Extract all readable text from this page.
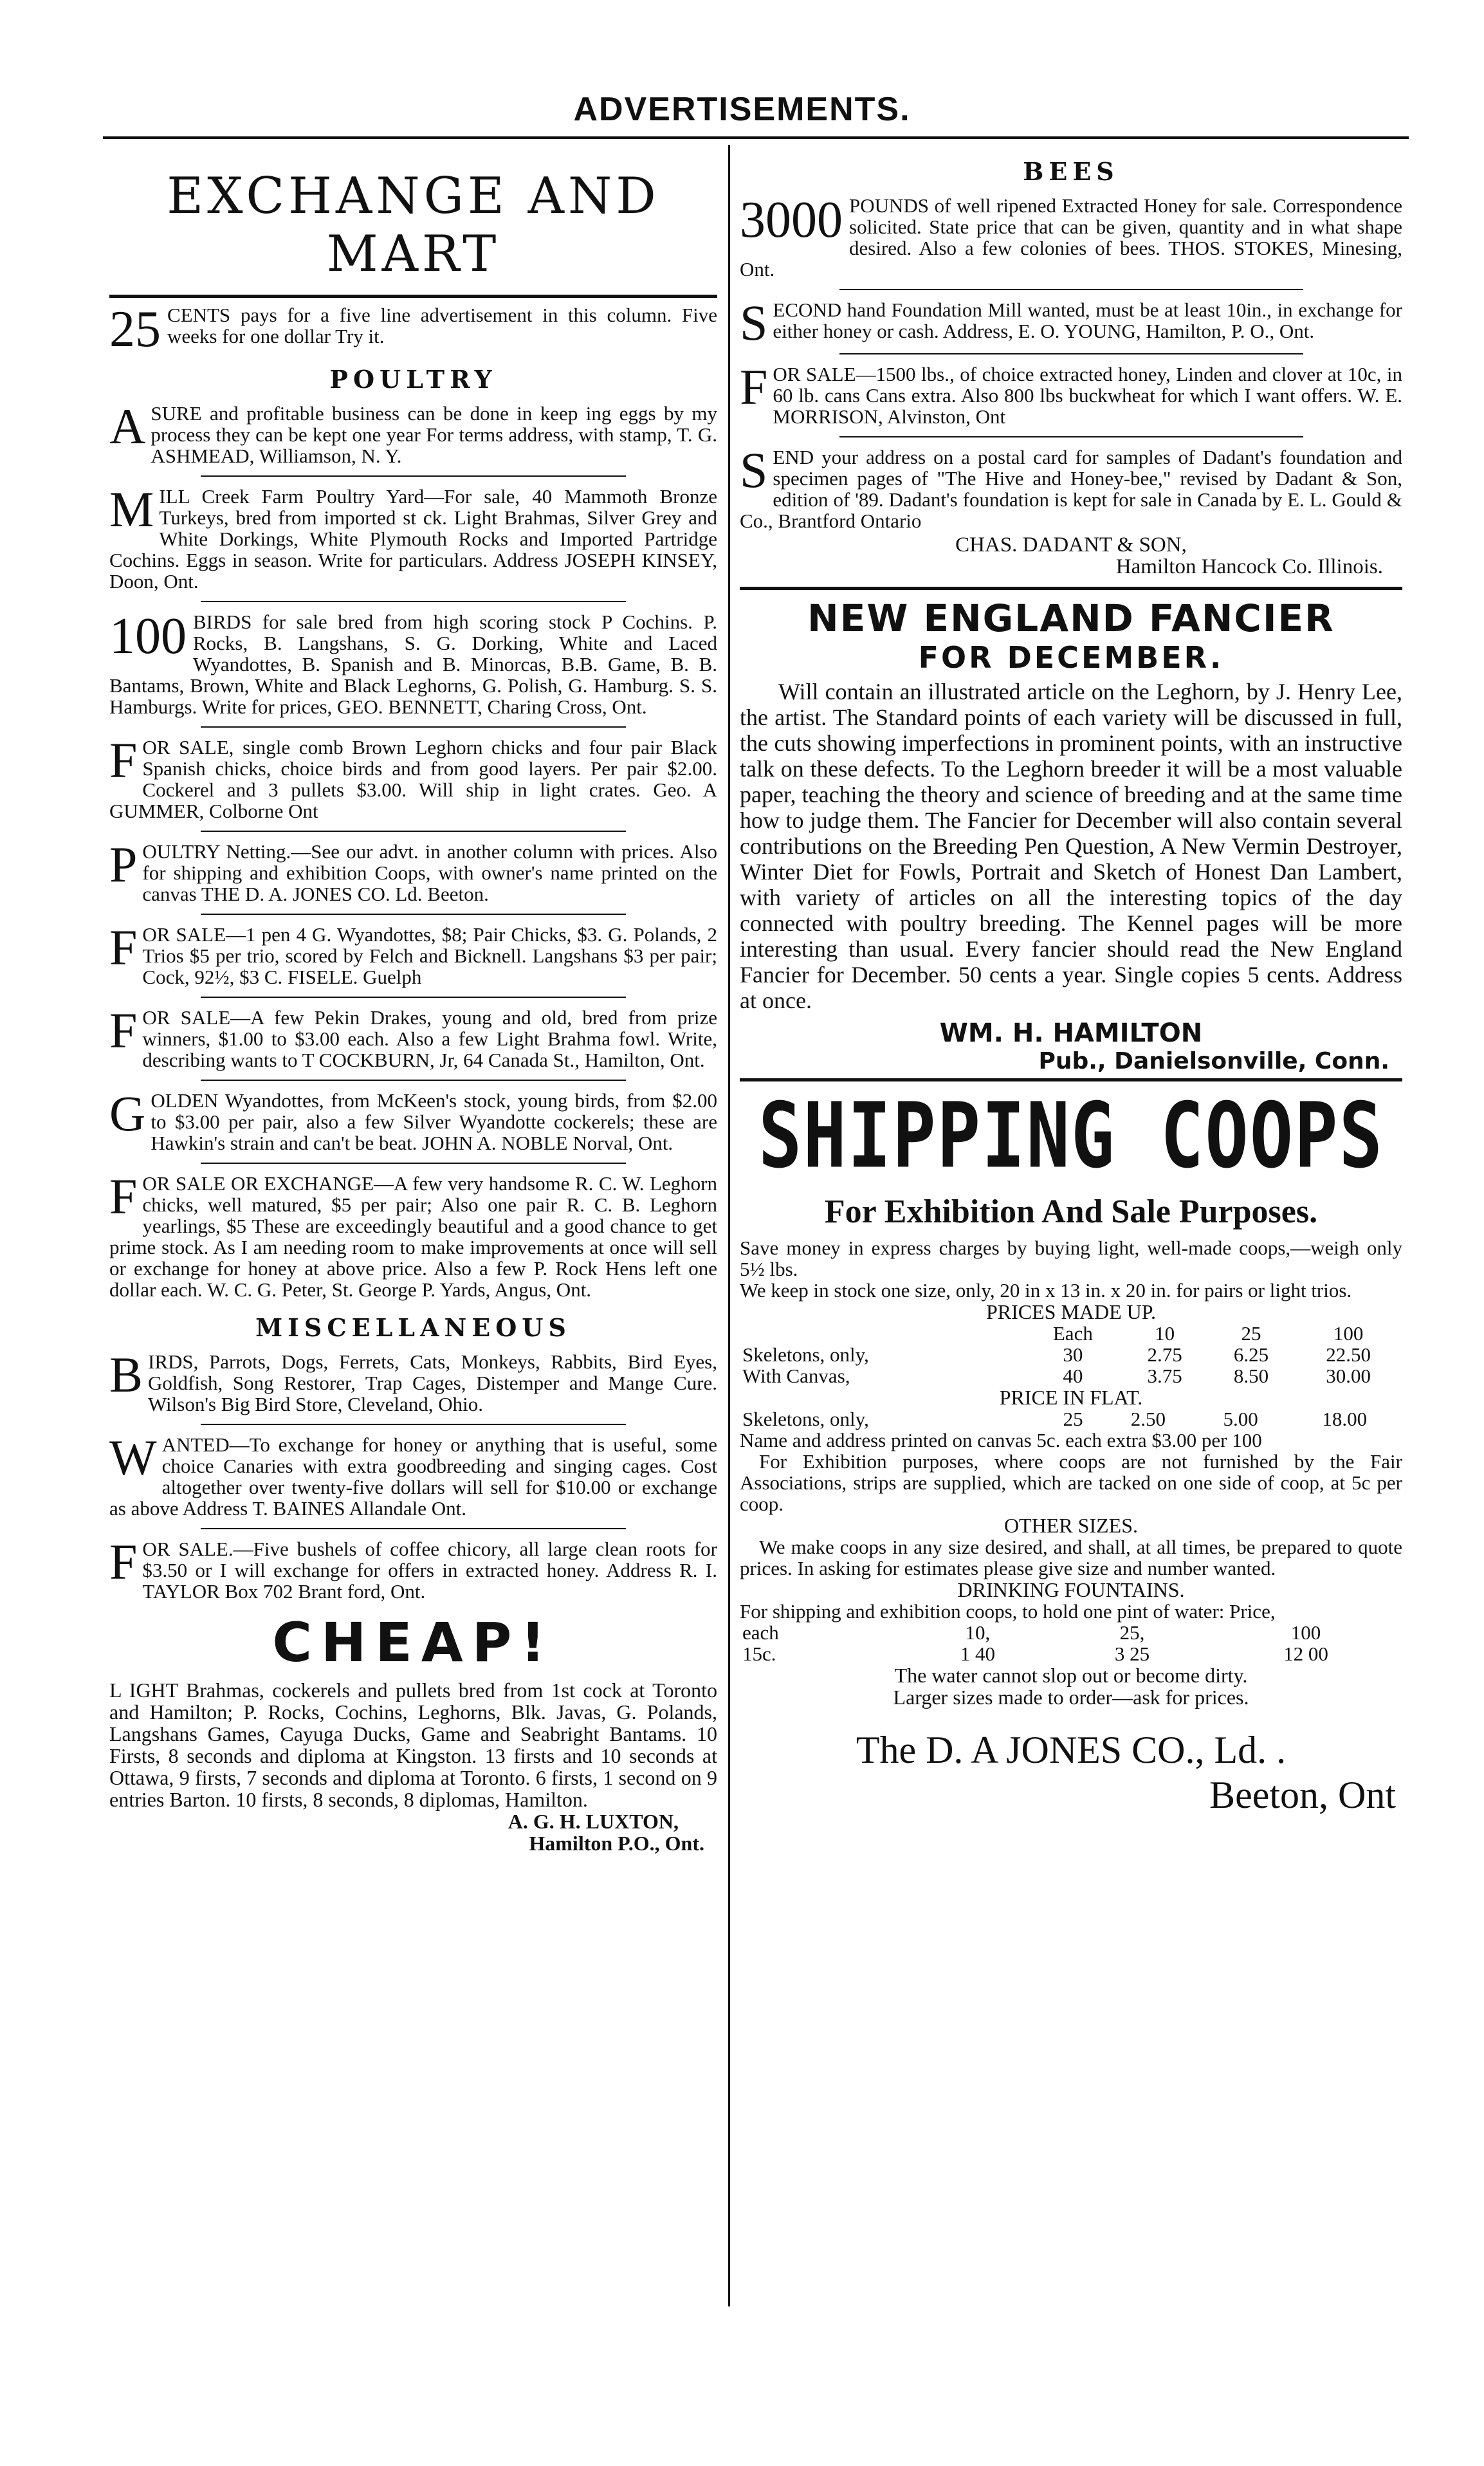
ADVERTISEMENTS.
EXCHANGE AND MART
25 CENTS pays for a five line advertisement in this column. Five weeks for one dollar Try it.
POULTRY
ASURE and profitable business can be done in keep ing eggs by my process they can be kept one year For terms address, with stamp, T. G. ASHMEAD, Williamson, N. Y.
MILL Creek Farm Poultry Yard—For sale, 40 Mammoth Bronze Turkeys, bred from imported st ck. Light Brahmas, Silver Grey and White Dorkings, White Plymouth Rocks and Imported Partridge Cochins. Eggs in season. Write for particulars. Address JOSEPH KINSEY, Doon, Ont.
100 BIRDS for sale bred from high scoring stock P Cochins. P. Rocks, B. Langshans, S. G. Dorking, White and Laced Wyandottes, B. Spanish and B. Minorcas, B.B. Game, B. B. Bantams, Brown, White and Black Leghorns, G. Polish, G. Hamburg. S. S. Hamburgs. Write for prices, GEO. BENNETT, Charing Cross, Ont.
FOR SALE, single comb Brown Leghorn chicks and four pair Black Spanish chicks, choice birds and from good layers. Per pair $2.00. Cockerel and 3 pullets $3.00. Will ship in light crates. Geo. A GUMMER, Colborne Ont
POULTRY Netting.—See our advt. in another column with prices. Also for shipping and exhibition Coops, with owner's name printed on the canvas THE D. A. JONES CO. Ld. Beeton.
FOR SALE—1 pen 4 G. Wyandottes, $8; Pair Chicks, $3. G. Polands, 2 Trios $5 per trio, scored by Felch and Bicknell. Langshans $3 per pair; Cock, 92½, $3 C. FISELE. Guelph
FOR SALE—A few Pekin Drakes, young and old, bred from prize winners, $1.00 to $3.00 each. Also a few Light Brahma fowl. Write, describing wants to T COCKBURN, Jr, 64 Canada St., Hamilton, Ont.
GOLDEN Wyandottes, from McKeen's stock, young birds, from $2.00 to $3.00 per pair, also a few Silver Wyandotte cockerels; these are Hawkin's strain and can't be beat. JOHN A. NOBLE Norval, Ont.
FOR SALE OR EXCHANGE—A few very handsome R. C. W. Leghorn chicks, well matured, $5 per pair; Also one pair R. C. B. Leghorn yearlings, $5 These are exceedingly beautiful and a good chance to get prime stock. As I am needing room to make improvements at once will sell or exchange for honey at above price. Also a few P. Rock Hens left one dollar each. W. C. G. Peter, St. George P. Yards, Angus, Ont.
MISCELLANEOUS
BIRDS, Parrots, Dogs, Ferrets, Cats, Monkeys, Rabbits, Bird Eyes, Goldfish, Song Restorer, Trap Cages, Distemper and Mange Cure. Wilson's Big Bird Store, Cleveland, Ohio.
WANTED—To exchange for honey or anything that is useful, some choice Canaries with extra goodbreeding and singing cages. Cost altogether over twenty-five dollars will sell for $10.00 or exchange as above Address T. BAINES Allandale Ont.
FOR SALE.—Five bushels of coffee chicory, all large clean roots for $3.50 or I will exchange for offers in extracted honey. Address R. I. TAYLOR Box 702 Brant ford, Ont.
CHEAP!
L IGHT Brahmas, cockerels and pullets bred from 1st cock at Toronto and Hamilton; P. Rocks, Cochins, Leghorns, Blk. Javas, G. Polands, Langshans Games, Cayuga Ducks, Game and Seabright Bantams. 10 Firsts, 8 seconds and diploma at Kingston. 13 firsts and 10 seconds at Ottawa, 9 firsts, 7 seconds and diploma at Toronto. 6 firsts, 1 second on 9 entries Barton. 10 firsts, 8 seconds, 8 diplomas, Hamilton.
A. G. H. LUXTON,
Hamilton P.O., Ont.
BEES
3000 POUNDS of well ripened Extracted Honey for sale. Correspondence solicited. State price that can be given, quantity and in what shape desired. Also a few colonies of bees. THOS. STOKES, Minesing, Ont.
SECOND hand Foundation Mill wanted, must be at least 10in., in exchange for either honey or cash. Address, E. O. YOUNG, Hamilton, P. O., Ont.
FOR SALE—1500 lbs., of choice extracted honey, Linden and clover at 10c, in 60 lb. cans Cans extra. Also 800 lbs buckwheat for which I want offers. W. E. MORRISON, Alvinston, Ont
SEND your address on a postal card for samples of Dadant's foundation and specimen pages of "The Hive and Honey-bee," revised by Dadant & Son, edition of '89. Dadant's foundation is kept for sale in Canada by E. L. Gould & Co., Brantford Ontario
CHAS. DADANT & SON,
Hamilton Hancock Co. Illinois.
NEW ENGLAND FANCIER
FOR DECEMBER.
Will contain an illustrated article on the Leghorn, by J. Henry Lee, the artist. The Standard points of each variety will be discussed in full, the cuts showing imperfections in prominent points, with an instructive talk on these defects. To the Leghorn breeder it will be a most valuable paper, teaching the theory and science of breeding and at the same time how to judge them. The Fancier for December will also contain several contributions on the Breeding Pen Question, A New Vermin Destroyer, Winter Diet for Fowls, Portrait and Sketch of Honest Dan Lambert, with variety of articles on all the interesting topics of the day connected with poultry breeding. The Kennel pages will be more interesting than usual. Every fancier should read the New England Fancier for December. 50 cents a year. Single copies 5 cents. Address at once.
WM. H. HAMILTON
Pub., Danielsonville, Conn.
SHIPPING COOPS
For Exhibition And Sale Purposes.
Save money in express charges by buying light, well-made coops,—weigh only 5½ lbs.
We keep in stock one size, only, 20 in x 13 in. x 20 in. for pairs or light trios.
PRICES MADE UP.
	Each	10	25	100
Skeletons, only,	30	2.75	6.25	22.50
With Canvas,	40	3.75	8.50	30.00
PRICE IN FLAT.
Skeletons, only,	25	2.50	5.00	18.00
Name and address printed on canvas 5c. each extra $3.00 per 100
For Exhibition purposes, where coops are not furnished by the Fair Associations, strips are supplied, which are tacked on one side of coop, at 5c per coop.
OTHER SIZES.
We make coops in any size desired, and shall, at all times, be prepared to quote prices. In asking for estimates please give size and number wanted.
DRINKING FOUNTAINS.
For shipping and exhibition coops, to hold one pint of water: Price,
each	10,	25,	100
15c.	1 40	3 25	12 00
The water cannot slop out or become dirty.
Larger sizes made to order—ask for prices.
The D. A JONES CO., Ld. .
Beeton, Ont
